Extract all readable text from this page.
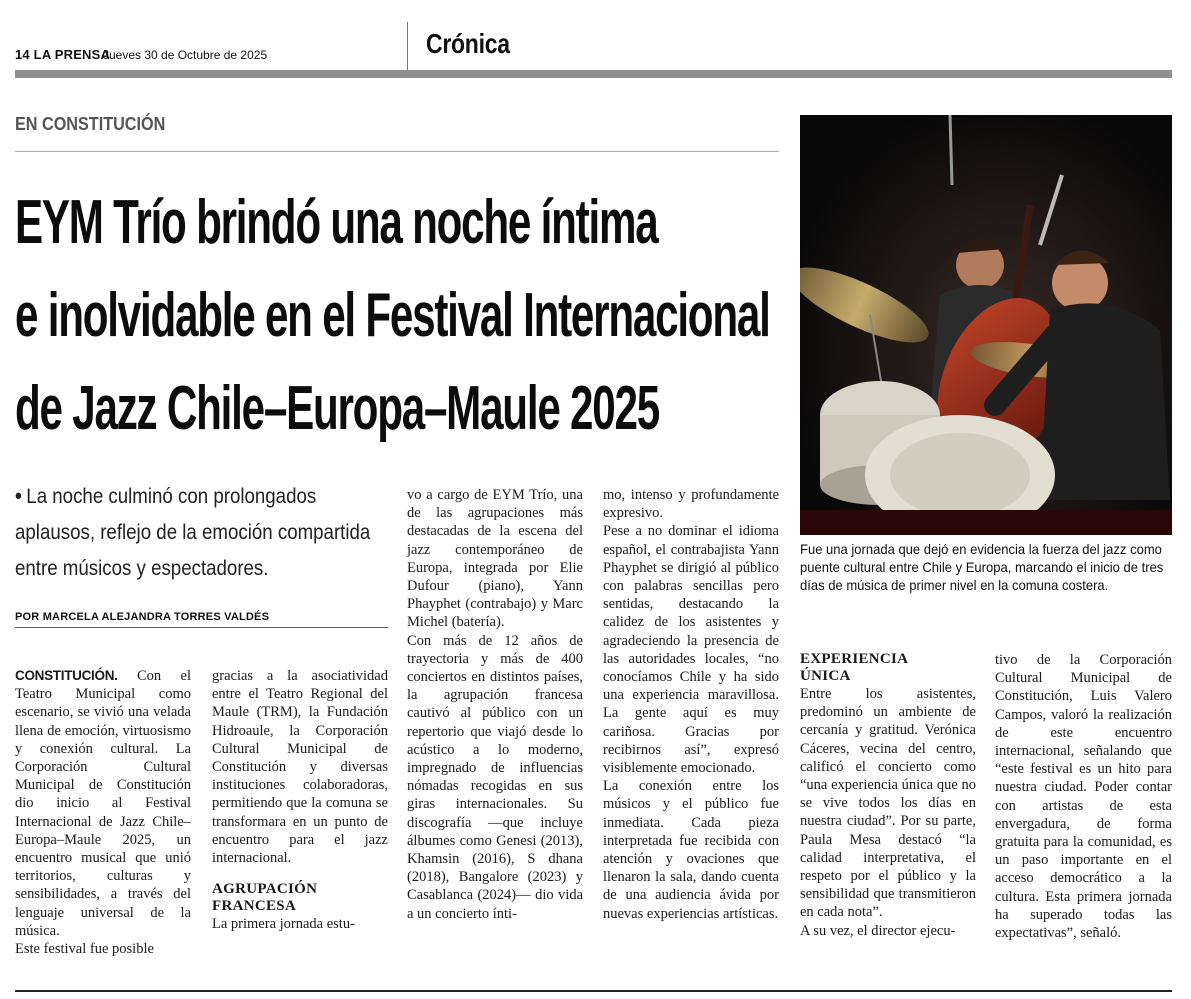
14 LA PRENSA
Jueves 30 de Octubre de 2025	Crónica
EN CONSTITUCIÓN
EYM Trío brindó una noche íntima
e inolvidable en el Festival Internacional
de Jazz Chile–Europa–Maule 2025
Fue una jornada que dejó en evidencia la fuerza del jazz como puente cultural entre Chile y Europa, marcando el inicio de tres días de música de primer nivel en la comuna costera.
• La noche culminó con prolongados aplausos, reflejo de la emoción compartida entre músicos y espectadores.
POR MARCELA ALEJANDRA TORRES VALDÉS

CONSTITUCIÓN. Con el Teatro Municipal como escenario, se vivió una velada llena de emoción, virtuosismo y conexión cultural. La Corporación Cultural Municipal de Constitución dio inicio al Festival Internacional de Jazz Chile–Europa–Maule 2025, un encuentro musical que unió territorios, culturas y sensibilidades, a través del lenguaje universal de la música.

Este festival fue posible

gracias a la asociatividad entre el Teatro Regional del Maule (TRM), la Fundación Hidroaule, la Corporación Cultural Municipal de Constitución y diversas instituciones colaboradoras, permitiendo que la comuna se transformara en un punto de encuentro para el jazz internacional.

AGRUPACIÓN FRANCESA

La primera jornada estu-

vo a cargo de EYM Trío, una de las agrupaciones más destacadas de la escena del jazz contemporáneo de Europa, integrada por Elie Dufour (piano), Yann Phayphet (contrabajo) y Marc Michel (batería).

Con más de 12 años de trayectoria y más de 400 conciertos en distintos países, la agrupación francesa cautivó al público con un repertorio que viajó desde lo acústico a lo moderno, impregnado de influencias nómadas recogidas en sus giras internacionales. Su discografía —que incluye álbumes como Genesi (2013), Khamsin (2016), S dhana (2018), Bangalore (2023) y Casablanca (2024)— dio vida a un concierto ínti-

mo, intenso y profundamente expresivo.

Pese a no dominar el idioma español, el contrabajista Yann Phayphet se dirigió al público con palabras sencillas pero sentidas, destacando la calidez de los asistentes y agradeciendo la presencia de las autoridades locales, “no conocíamos Chile y ha sido una experiencia maravillosa. La gente aquí es muy cariñosa. Gracias por recibirnos así”, expresó visiblemente emocionado.

La conexión entre los músicos y el público fue inmediata. Cada pieza interpretada fue recibida con atención y ovaciones que llenaron la sala, dando cuenta de una audiencia ávida por nuevas experiencias artísticas.

EXPERIENCIA ÚNICA

Entre los asistentes, predominó un ambiente de cercanía y gratitud. Verónica Cáceres, vecina del centro, calificó el concierto como “una experiencia única que no se vive todos los días en nuestra ciudad”. Por su parte, Paula Mesa destacó “la calidad interpretativa, el respeto por el público y la sensibilidad que transmitieron en cada nota”.

A su vez, el director ejecu-

tivo de la Corporación Cultural Municipal de Constitución, Luis Valero Campos, valoró la realización de este encuentro internacional, señalando que “este festival es un hito para nuestra ciudad. Poder contar con artistas de esta envergadura, de forma gratuita para la comunidad, es un paso importante en el acceso democrático a la cultura. Esta primera jornada ha superado todas las expectativas”, señaló.
